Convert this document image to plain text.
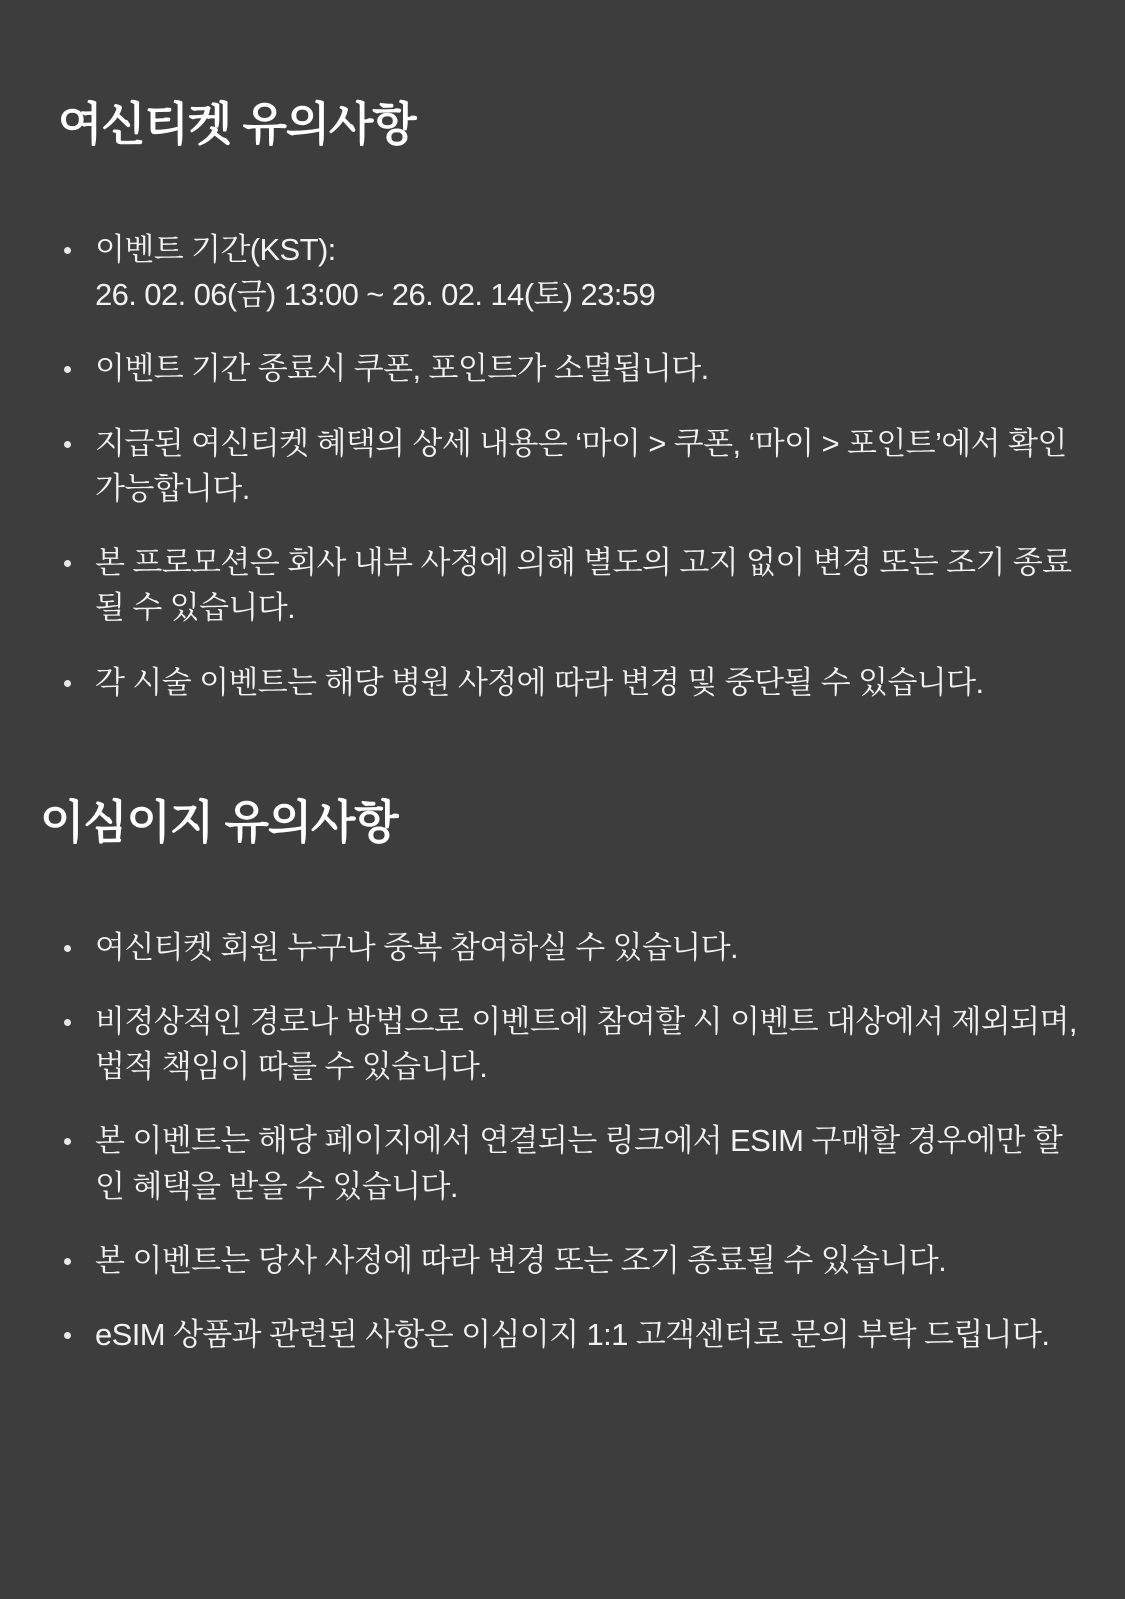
여신티켓 유의사항
이벤트 기간(KST):
26. 02. 06(금) 13:00 ~ 26. 02. 14(토) 23:59
이벤트 기간 종료시 쿠폰, 포인트가 소멸됩니다.
지급된 여신티켓 혜택의 상세 내용은 ‘마이 > 쿠폰, ‘마이 > 포인트’에서 확인 가능합니다.
본 프로모션은 회사 내부 사정에 의해 별도의 고지 없이 변경 또는 조기 종료될 수 있습니다.
각 시술 이벤트는 해당 병원 사정에 따라 변경 및 중단될 수 있습니다.
이심이지 유의사항
여신티켓 회원 누구나 중복 참여하실 수 있습니다.
비정상적인 경로나 방법으로 이벤트에 참여할 시 이벤트 대상에서 제외되며, 법적 책임이 따를 수 있습니다.
본 이벤트는 해당 페이지에서 연결되는 링크에서 ESIM 구매할 경우에만 할인 혜택을 받을 수 있습니다.
본 이벤트는 당사 사정에 따라 변경 또는 조기 종료될 수 있습니다.
eSIM 상품과 관련된 사항은 이심이지 1:1 고객센터로 문의 부탁 드립니다.
